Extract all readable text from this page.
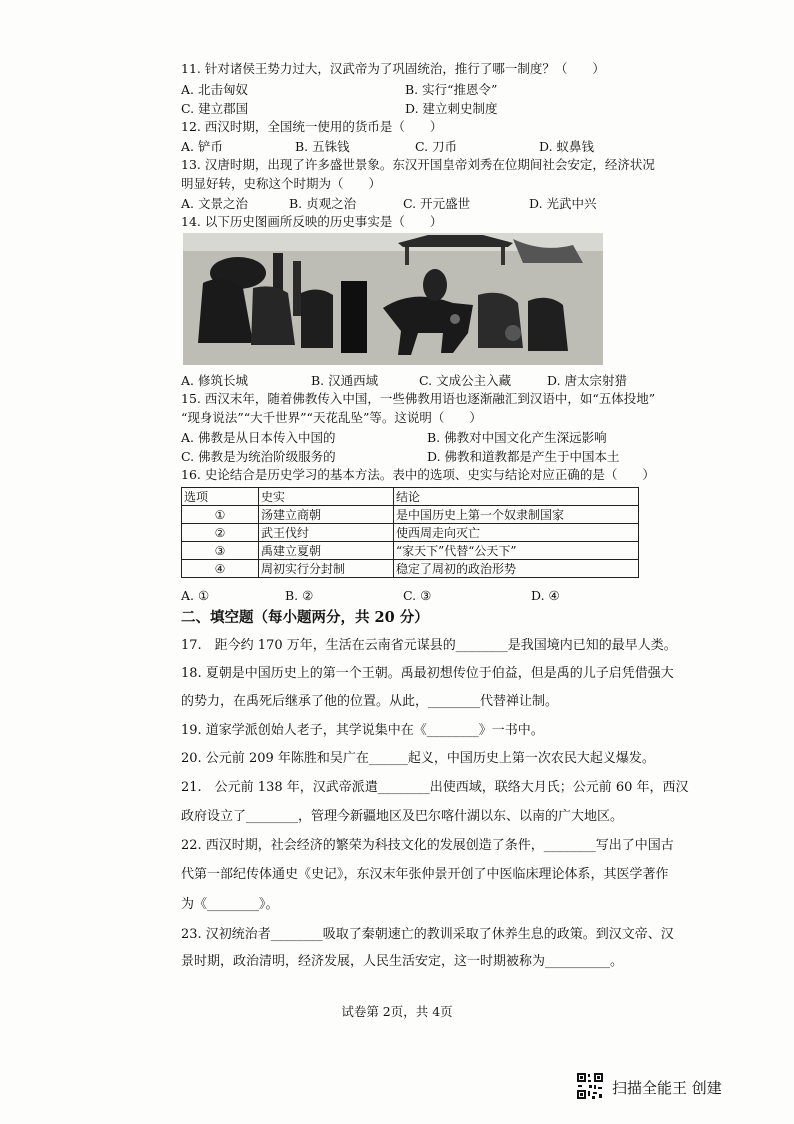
11. 针对诸侯王势力过大，汉武帝为了巩固统治，推行了哪一制度？（　　）
A. 北击匈奴	B. 实行“推恩令”
C. 建立郡国	D. 建立刺史制度
12. 西汉时期，全国统一使用的货币是（　　）
A. 铲币	B. 五铢钱	C. 刀币	D. 蚁鼻钱
13. 汉唐时期，出现了许多盛世景象。东汉开国皇帝刘秀在位期间社会安定，经济状况
明显好转，史称这个时期为（　　）
A. 文景之治	B. 贞观之治	C. 开元盛世	D. 光武中兴
14. 以下历史图画所反映的历史事实是（　　）
A. 修筑长城	B. 汉通西域	C. 文成公主入藏	D. 唐太宗射猎
15. 西汉末年，随着佛教传入中国，一些佛教用语也逐渐融汇到汉语中，如“五体投地”
“现身说法”“大千世界”“天花乱坠”等。这说明（　　）
A. 佛教是从日本传入中国的	B. 佛教对中国文化产生深远影响
C. 佛教是为统治阶级服务的	D. 佛教和道教都是产生于中国本土
16. 史论结合是历史学习的基本方法。表中的选项、史实与结论对应正确的是（　　）
选项	史实	结论
①	汤建立商朝	是中国历史上第一个奴隶制国家
②	武王伐纣	使西周走向灭亡
③	禹建立夏朝	“家天下”代替“公天下”
④	周初实行分封制	稳定了周初的政治形势
A. ①	B. ②	C. ③	D. ④
二、填空题（每小题两分，共 20 分）
17.　距今约 170 万年，生活在云南省元谋县的________是我国境内已知的最早人类。
18. 夏朝是中国历史上的第一个王朝。禹最初想传位于伯益，但是禹的儿子启凭借强大
的势力，在禹死后继承了他的位置。从此，________代替禅让制。
19. 道家学派创始人老子，其学说集中在《________》一书中。
20. 公元前 209 年陈胜和吴广在______起义，中国历史上第一次农民大起义爆发。
21.　公元前 138 年，汉武帝派遣________出使西域，联络大月氏；公元前 60 年，西汉
政府设立了________，管理今新疆地区及巴尔喀什湖以东、以南的广大地区。
22. 西汉时期，社会经济的繁荣为科技文化的发展创造了条件，________写出了中国古
代第一部纪传体通史《史记》，东汉末年张仲景开创了中医临床理论体系，其医学著作
为《________》。
23. 汉初统治者________吸取了秦朝速亡的教训采取了休养生息的政策。到汉文帝、汉
景时期，政治清明，经济发展，人民生活安定，这一时期被称为__________。
试卷第 2页，共 4页
扫描全能王 创建
